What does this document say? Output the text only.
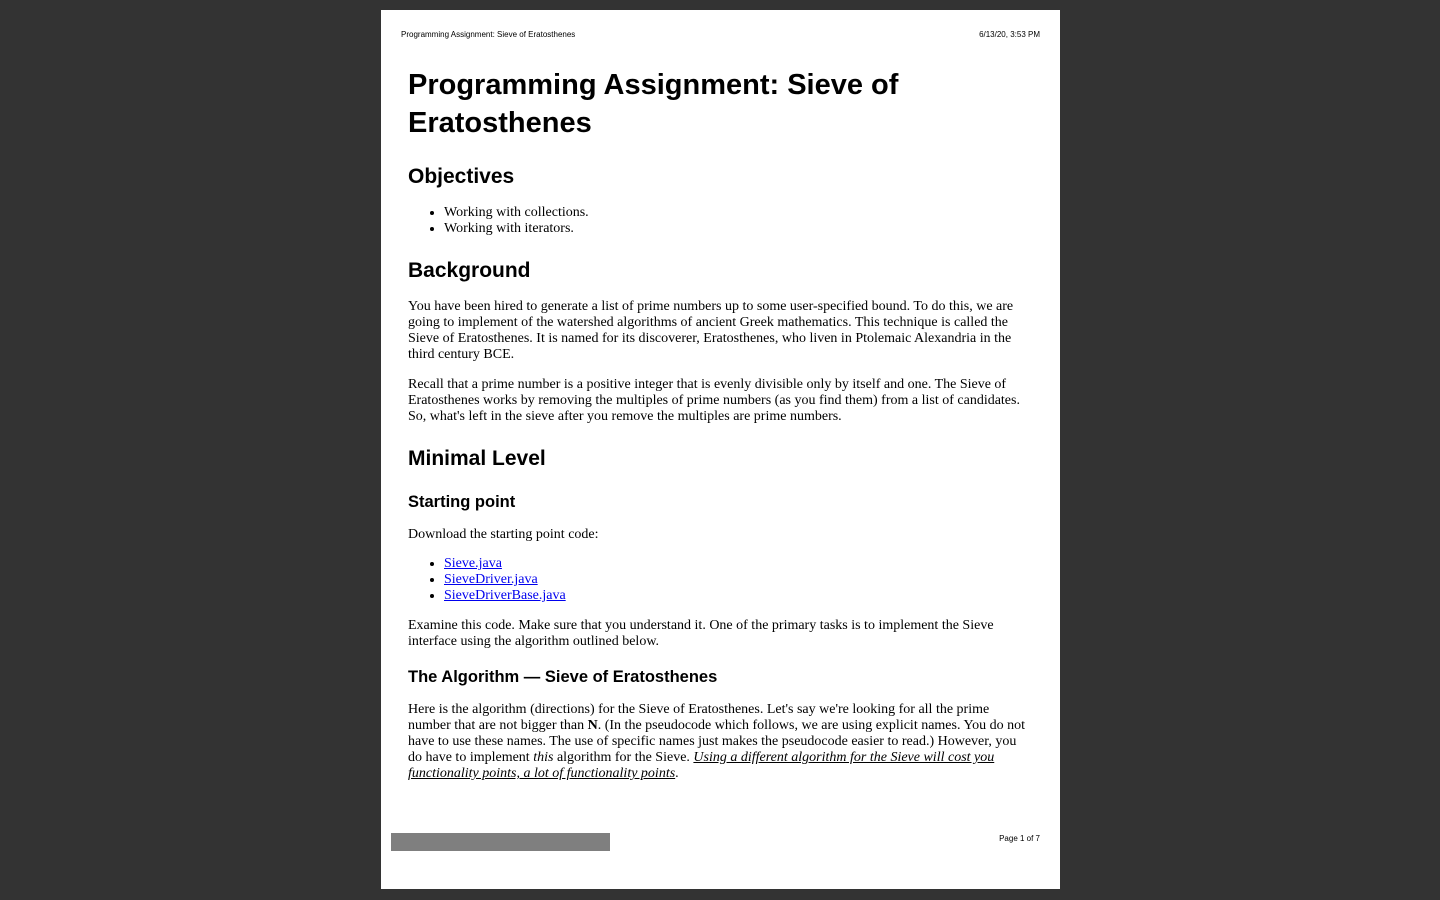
Programming Assignment: Sieve of Eratosthenes	6/13/20, 3:53 PM
Programming Assignment: Sieve of Eratosthenes
Objectives
• Working with collections.
• Working with iterators.
Background

You have been hired to generate a list of prime numbers up to some user-specified bound. To do this, we are going to implement of the watershed algorithms of ancient Greek mathematics. This technique is called the Sieve of Eratosthenes. It is named for its discoverer, Eratosthenes, who liven in Ptolemaic Alexandria in the third century BCE.

Recall that a prime number is a positive integer that is evenly divisible only by itself and one. The Sieve of Eratosthenes works by removing the multiples of prime numbers (as you find them) from a list of candidates. So, what's left in the sieve after you remove the multiples are prime numbers.

Minimal Level
Starting point

Download the starting point code:

• Sieve.java
• SieveDriver.java
• SieveDriverBase.java

Examine this code. Make sure that you understand it. One of the primary tasks is to implement the Sieve interface using the algorithm outlined below.

The Algorithm — Sieve of Eratosthenes

Here is the algorithm (directions) for the Sieve of Eratosthenes. Let's say we're looking for all the prime number that are not bigger than N. (In the pseudocode which follows, we are using explicit names. You do not have to use these names. The use of specific names just makes the pseudocode easier to read.) However, you do have to implement this algorithm for the Sieve. Using a different algorithm for the Sieve will cost you functionality points, a lot of functionality points.

Page 1 of 7
